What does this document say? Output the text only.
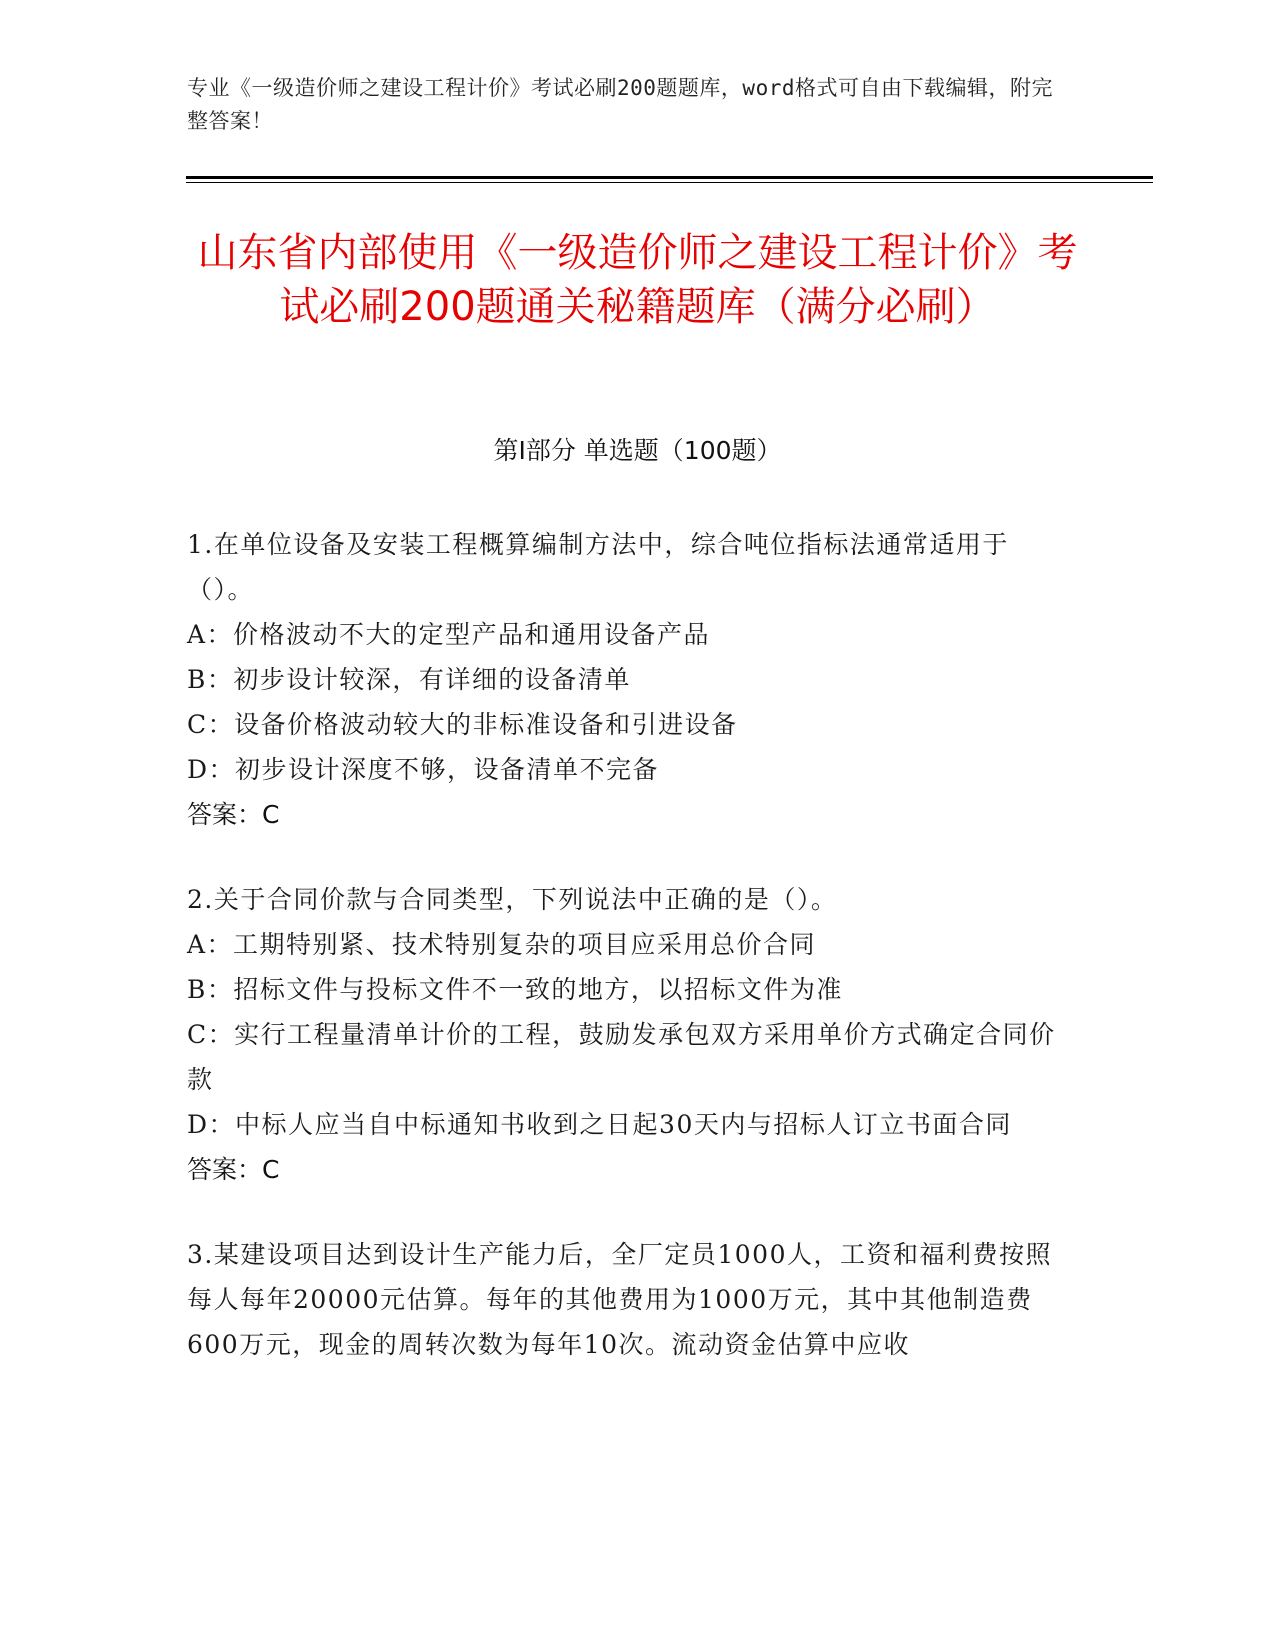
专业《一级造价师之建设工程计价》考试必刷200题题库，word格式可自由下载编辑，附完整答案！
山东省内部使用《一级造价师之建设工程计价》考试必刷200题通关秘籍题库（满分必刷）
第I部分 单选题（100题）

1.在单位设备及安装工程概算编制方法中，综合吨位指标法通常适用于（）。

A：价格波动不大的定型产品和通用设备产品

B：初步设计较深，有详细的设备清单

C：设备价格波动较大的非标准设备和引进设备

D：初步设计深度不够，设备清单不完备

答案：C

2.关于合同价款与合同类型，下列说法中正确的是（）。

A：工期特别紧、技术特别复杂的项目应采用总价合同

B：招标文件与投标文件不一致的地方，以招标文件为准

C：实行工程量清单计价的工程，鼓励发承包双方采用单价方式确定合同价款

D：中标人应当自中标通知书收到之日起30天内与招标人订立书面合同

答案：C

3.某建设项目达到设计生产能力后，全厂定员1000人，工资和福利费按照每人每年20000元估算。每年的其他费用为1000万元，其中其他制造费600万元，现金的周转次数为每年10次。流动资金估算中应收
